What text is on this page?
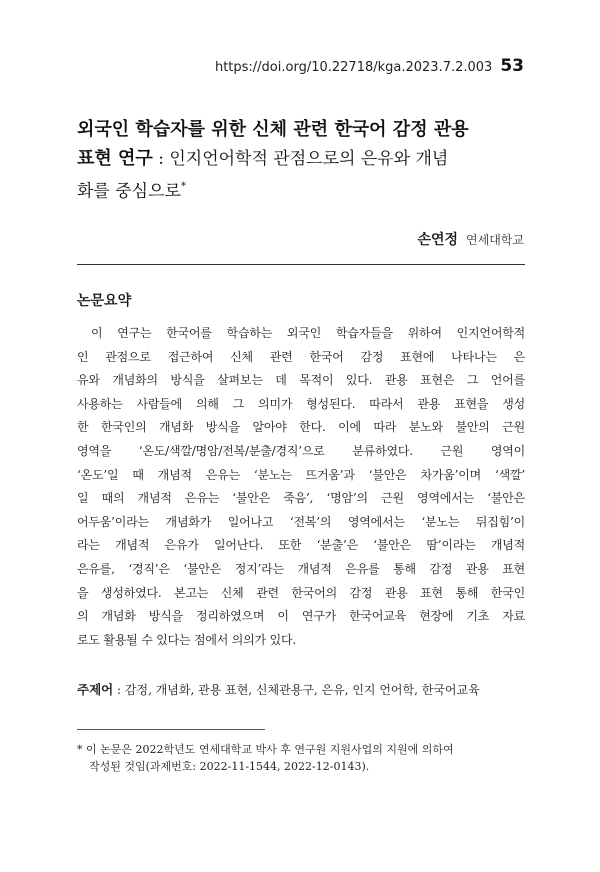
https://doi.org/10.22718/kga.2023.7.2.003 53
외국인 학습자를 위한 신체 관련 한국어 감정 관용
표현 연구 : 인지언어학적 관점으로의 은유와 개념
화를 중심으로*
손연정 연세대학교
논문요약
이 연구는 한국어를 학습하는 외국인 학습자들을 위하여 인지언어학적
인 관점으로 접근하여 신체 관련 한국어 감정 표현에 나타나는 은
유와 개념화의 방식을 살펴보는 데 목적이 있다. 관용 표현은 그 언어를
사용하는 사람들에 의해 그 의미가 형성된다. 따라서 관용 표현을 생성
한 한국인의 개념화 방식을 알아야 한다. 이에 따라 분노와 불안의 근원
영역을 ‘온도/색깔/명암/전복/분출/경직’으로 분류하였다. 근원 영역이
‘온도’일 때 개념적 은유는 ‘분노는 뜨거움’과 ‘불안은 차가움’이며 ‘색깔’
일 때의 개념적 은유는 ‘불안은 죽음’, ‘명암’의 근원 영역에서는 ‘불안은
어두움’이라는 개념화가 일어나고 ‘전복’의 영역에서는 ‘분노는 뒤집힘’이
라는 개념적 은유가 일어난다. 또한 ‘분출’은 ‘불안은 땀’이라는 개념적
은유를, ‘경직’은 ‘불안은 정지’라는 개념적 은유를 통해 감정 관용 표현
을 생성하였다. 본고는 신체 관련 한국어의 감정 관용 표현 통해 한국인
의 개념화 방식을 정리하였으며 이 연구가 한국어교육 현장에 기초 자료
로도 활용될 수 있다는 점에서 의의가 있다.
주제어 : 감정, 개념화, 관용 표현, 신체관용구, 은유, 인지 언어학, 한국어교육
* 이 논문은 2022학년도 연세대학교 박사 후 연구원 지원사업의 지원에 의하여
작성된 것임(과제번호: 2022-11-1544, 2022-12-0143).
